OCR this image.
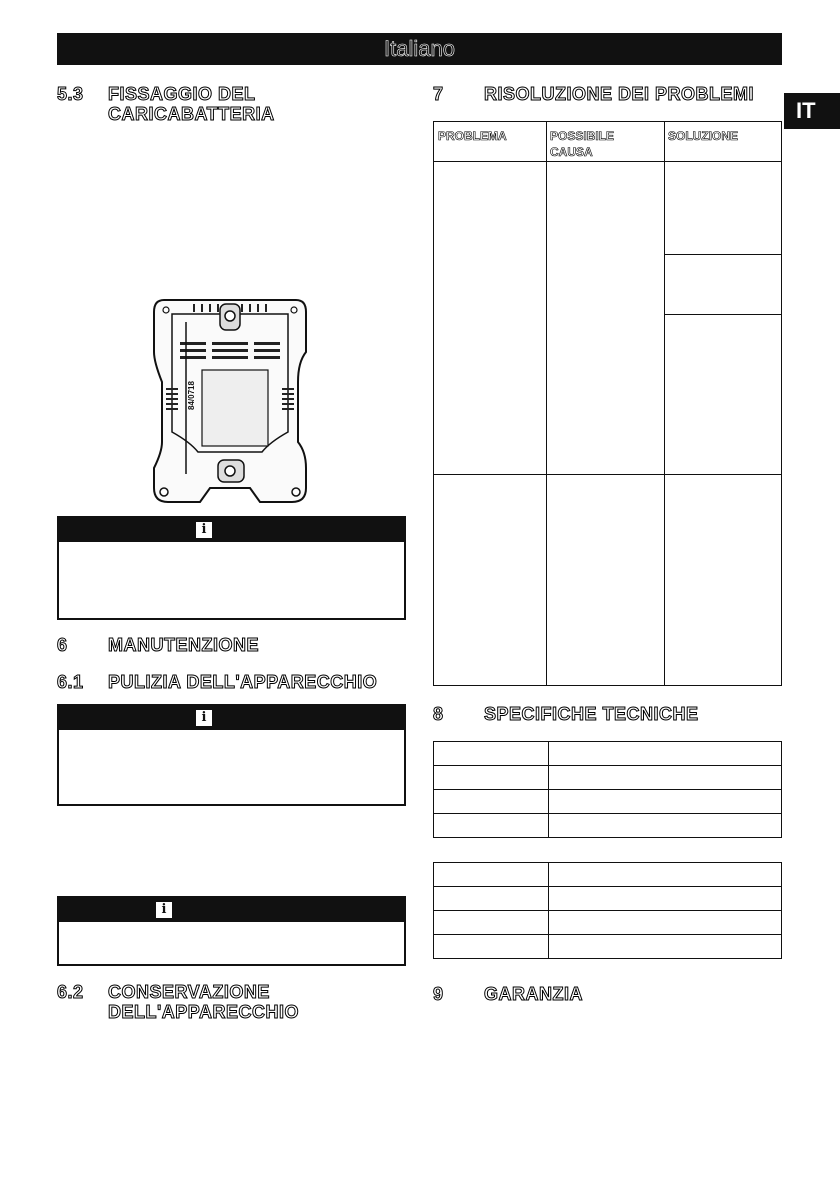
Italiano
IT
5.3 FISSAGGIO DEL
CARICABATTERIA
84/0718
i
6 MANUTENZIONE
6.1 PULIZIA DELL'APPARECCHIO
i
i
6.2 CONSERVAZIONE
DELL'APPARECCHIO
7 RISOLUZIONE DEI PROBLEMI
PROBLEMA	POSSIBILE CAUSA
SOLUZIONE
8 SPECIFICHE TECNICHE
9 GARANZIA
